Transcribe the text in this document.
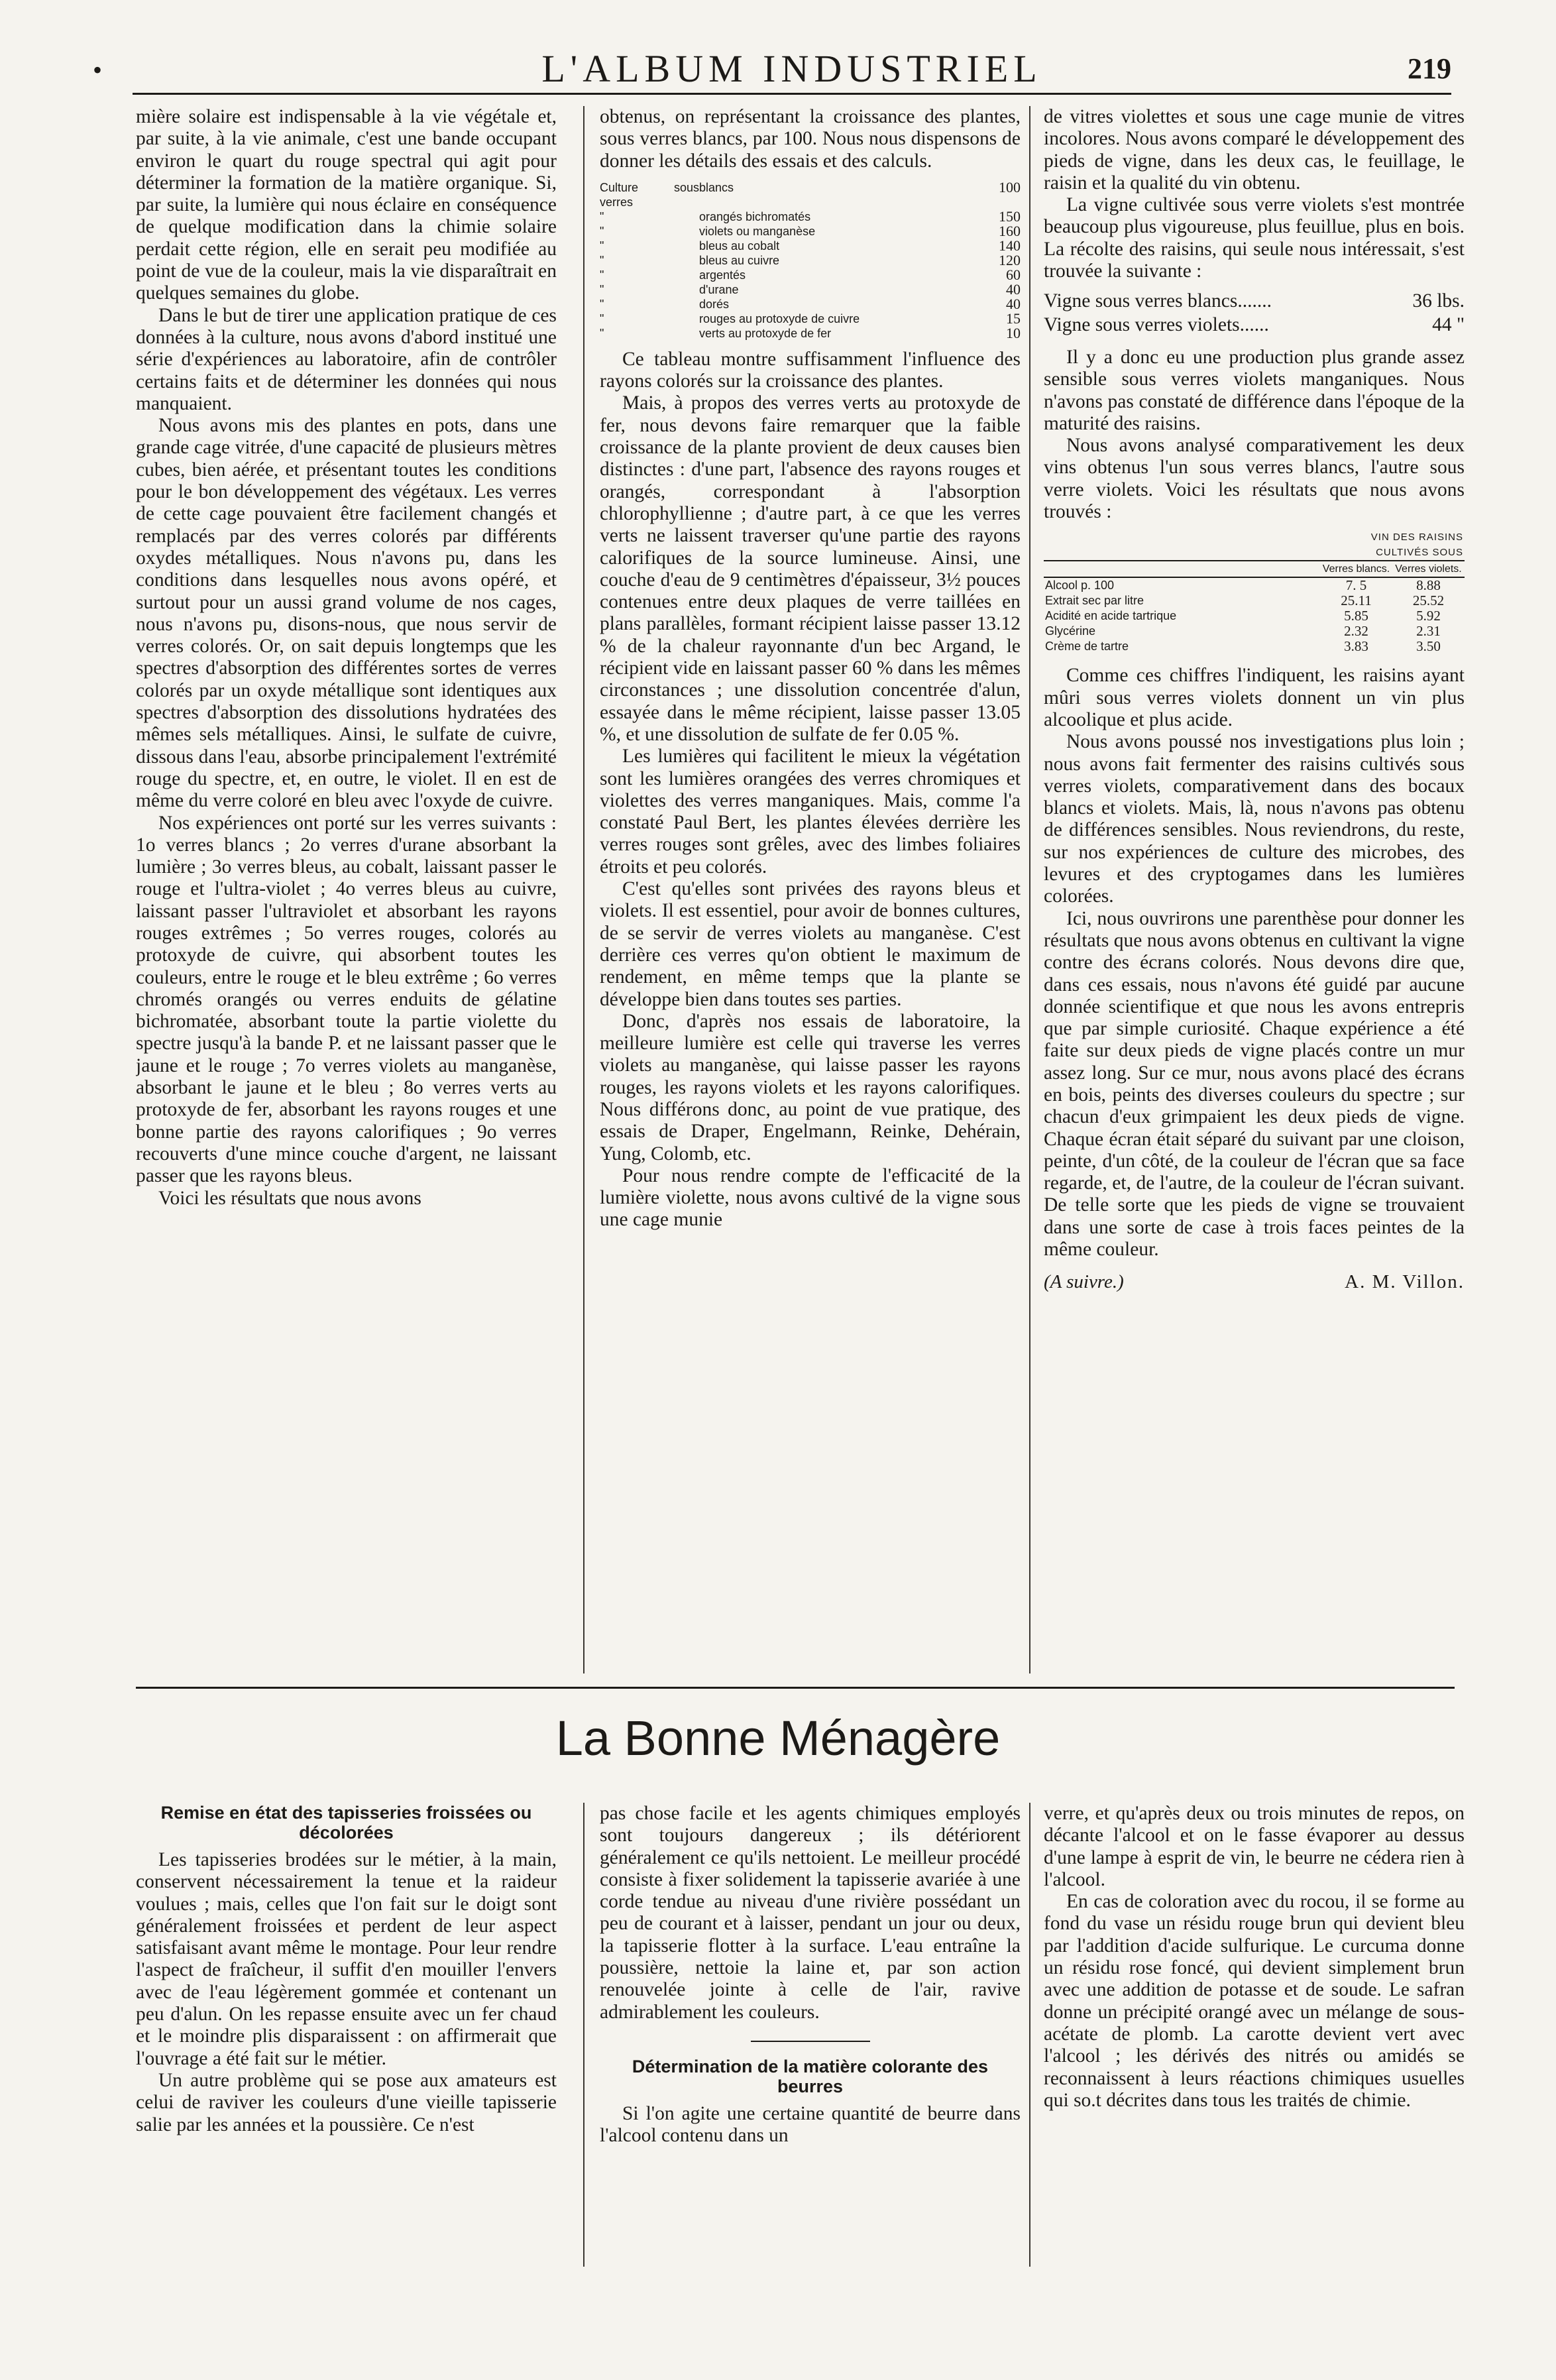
•	L'ALBUM INDUSTRIEL	219

mière solaire est indispensable à la vie végétale et, par suite, à la vie animale, c'est une bande occupant environ le quart du rouge spectral qui agit pour déterminer la formation de la matière organique. Si, par suite, la lumière qui nous éclaire en conséquence de quelque modification dans la chimie solaire perdait cette région, elle en serait peu modifiée au point de vue de la couleur, mais la vie disparaîtrait en quelques semaines du globe.

Dans le but de tirer une application pratique de ces données à la culture, nous avons d'abord institué une série d'expériences au laboratoire, afin de contrôler certains faits et de déterminer les données qui nous manquaient.

Nous avons mis des plantes en pots, dans une grande cage vitrée, d'une capacité de plusieurs mètres cubes, bien aérée, et présentant toutes les conditions pour le bon développement des végétaux. Les verres de cette cage pouvaient être facilement changés et remplacés par des verres colorés par différents oxydes métalliques. Nous n'avons pu, dans les conditions dans lesquelles nous avons opéré, et surtout pour un aussi grand volume de nos cages, nous n'avons pu, disons-nous, que nous servir de verres colorés. Or, on sait depuis longtemps que les spectres d'absorption des différentes sortes de verres colorés par un oxyde métallique sont identiques aux spectres d'absorption des dissolutions hydratées des mêmes sels métalliques. Ainsi, le sulfate de cuivre, dissous dans l'eau, absorbe principalement l'extrémité rouge du spectre, et, en outre, le violet. Il en est de même du verre coloré en bleu avec l'oxyde de cuivre.

Nos expériences ont porté sur les verres suivants : 1o verres blancs ; 2o verres d'urane absorbant la lumière ; 3o verres bleus, au cobalt, laissant passer le rouge et l'ultra-violet ; 4o verres bleus au cuivre, laissant passer l'ultraviolet et absorbant les rayons rouges extrêmes ; 5o verres rouges, colorés au protoxyde de cuivre, qui absorbent toutes les couleurs, entre le rouge et le bleu extrême ; 6o verres chromés orangés ou verres enduits de gélatine bichromatée, absorbant toute la partie violette du spectre jusqu'à la bande P. et ne laissant passer que le jaune et le rouge ; 7o verres violets au manganèse, absorbant le jaune et le bleu ; 8o verres verts au protoxyde de fer, absorbant les rayons rouges et une bonne partie des rayons calorifiques ; 9o verres recouverts d'une mince couche d'argent, ne laissant passer que les rayons bleus.

Voici les résultats que nous avons

obtenus, on représentant la croissance des plantes, sous verres blancs, par 100. Nous nous dispensons de donner les détails des essais et des calculs.

Culture sous verres	blancs	100
"	orangés bichromatés	150
"	violets ou manganèse	160
"	bleus au cobalt	140
"	bleus au cuivre	120
"	argentés	60
"	d'urane	40
"	dorés	40
"	rouges au protoxyde de cuivre	15
"	verts au protoxyde de fer	10

Ce tableau montre suffisamment l'influence des rayons colorés sur la croissance des plantes.

Mais, à propos des verres verts au protoxyde de fer, nous devons faire remarquer que la faible croissance de la plante provient de deux causes bien distinctes : d'une part, l'absence des rayons rouges et orangés, correspondant à l'absorption chlorophyllienne ; d'autre part, à ce que les verres verts ne laissent traverser qu'une partie des rayons calorifiques de la source lumineuse. Ainsi, une couche d'eau de 9 centimètres d'épaisseur, 3½ pouces contenues entre deux plaques de verre taillées en plans parallèles, formant récipient laisse passer 13.12 % de la chaleur rayonnante d'un bec Argand, le récipient vide en laissant passer 60 % dans les mêmes circonstances ; une dissolution concentrée d'alun, essayée dans le même récipient, laisse passer 13.05 %, et une dissolution de sulfate de fer 0.05 %.

Les lumières qui facilitent le mieux la végétation sont les lumières orangées des verres chromiques et violettes des verres manganiques. Mais, comme l'a constaté Paul Bert, les plantes élevées derrière les verres rouges sont grêles, avec des limbes foliaires étroits et peu colorés.

C'est qu'elles sont privées des rayons bleus et violets. Il est essentiel, pour avoir de bonnes cultures, de se servir de verres violets au manganèse. C'est derrière ces verres qu'on obtient le maximum de rendement, en même temps que la plante se développe bien dans toutes ses parties.

Donc, d'après nos essais de laboratoire, la meilleure lumière est celle qui traverse les verres violets au manganèse, qui laisse passer les rayons rouges, les rayons violets et les rayons calorifiques. Nous différons donc, au point de vue pratique, des essais de Draper, Engelmann, Reinke, Dehérain, Yung, Colomb, etc.

Pour nous rendre compte de l'efficacité de la lumière violette, nous avons cultivé de la vigne sous une cage munie

de vitres violettes et sous une cage munie de vitres incolores. Nous avons comparé le développement des pieds de vigne, dans les deux cas, le feuillage, le raisin et la qualité du vin obtenu.

La vigne cultivée sous verre violets s'est montrée beaucoup plus vigoureuse, plus feuillue, plus en bois. La récolte des raisins, qui seule nous intéressait, s'est trouvée la suivante :

Vigne sous verres blancs.......	36 lbs.
Vigne sous verres violets......	44 "

Il y a donc eu une production plus grande assez sensible sous verres violets manganiques. Nous n'avons pas constaté de différence dans l'époque de la maturité des raisins.

Nous avons analysé comparativement les deux vins obtenus l'un sous verres blancs, l'autre sous verre violets. Voici les résultats que nous avons trouvés :

	VIN DES RAISINS CULTIVÉS SOUS	
	Verres blancs.	Verres violets.
Alcool p. 100	7. 5	8.88
Extrait sec par litre	25.11	25.52
Acidité en acide tartrique	5.85	5.92
Glycérine	2.32	2.31
Crème de tartre	3.83	3.50

Comme ces chiffres l'indiquent, les raisins ayant mûri sous verres violets donnent un vin plus alcoolique et plus acide.

Nous avons poussé nos investigations plus loin ; nous avons fait fermenter des raisins cultivés sous verres violets, comparativement dans des bocaux blancs et violets. Mais, là, nous n'avons pas obtenu de différences sensibles. Nous reviendrons, du reste, sur nos expériences de culture des microbes, des levures et des cryptogames dans les lumières colorées.

Ici, nous ouvrirons une parenthèse pour donner les résultats que nous avons obtenus en cultivant la vigne contre des écrans colorés. Nous devons dire que, dans ces essais, nous n'avons été guidé par aucune donnée scientifique et que nous les avons entrepris que par simple curiosité. Chaque expérience a été faite sur deux pieds de vigne placés contre un mur assez long. Sur ce mur, nous avons placé des écrans en bois, peints des diverses couleurs du spectre ; sur chacun d'eux grimpaient les deux pieds de vigne. Chaque écran était séparé du suivant par une cloison, peinte, d'un côté, de la couleur de l'écran que sa face regarde, et, de l'autre, de la couleur de l'écran suivant. De telle sorte que les pieds de vigne se trouvaient dans une sorte de case à trois faces peintes de la même couleur.

(A suivre.)	A. M. Villon.
La Bonne Ménagère
Remise en état des tapisseries froissées ou décolorées

Les tapisseries brodées sur le métier, à la main, conservent nécessairement la tenue et la raideur voulues ; mais, celles que l'on fait sur le doigt sont généralement froissées et perdent de leur aspect satisfaisant avant même le montage. Pour leur rendre l'aspect de fraîcheur, il suffit d'en mouiller l'envers avec de l'eau légèrement gommée et contenant un peu d'alun. On les repasse ensuite avec un fer chaud et le moindre plis disparaissent : on affirmerait que l'ouvrage a été fait sur le métier.

Un autre problème qui se pose aux amateurs est celui de raviver les couleurs d'une vieille tapisserie salie par les années et la poussière. Ce n'est

pas chose facile et les agents chimiques employés sont toujours dangereux ; ils détériorent généralement ce qu'ils nettoient. Le meilleur procédé consiste à fixer solidement la tapisserie avariée à une corde tendue au niveau d'une rivière possédant un peu de courant et à laisser, pendant un jour ou deux, la tapisserie flotter à la surface. L'eau entraîne la poussière, nettoie la laine et, par son action renouvelée jointe à celle de l'air, ravive admirablement les couleurs.

Détermination de la matière colorante des beurres

Si l'on agite une certaine quantité de beurre dans l'alcool contenu dans un

verre, et qu'après deux ou trois minutes de repos, on décante l'alcool et on le fasse évaporer au dessus d'une lampe à esprit de vin, le beurre ne cédera rien à l'alcool.

En cas de coloration avec du rocou, il se forme au fond du vase un résidu rouge brun qui devient bleu par l'addition d'acide sulfurique. Le curcuma donne un résidu rose foncé, qui devient simplement brun avec une addition de potasse et de soude. Le safran donne un précipité orangé avec un mélange de sous-acétate de plomb. La carotte devient vert avec l'alcool ; les dérivés des nitrés ou amidés se reconnaissent à leurs réactions chimiques usuelles qui so.t décrites dans tous les traités de chimie.
